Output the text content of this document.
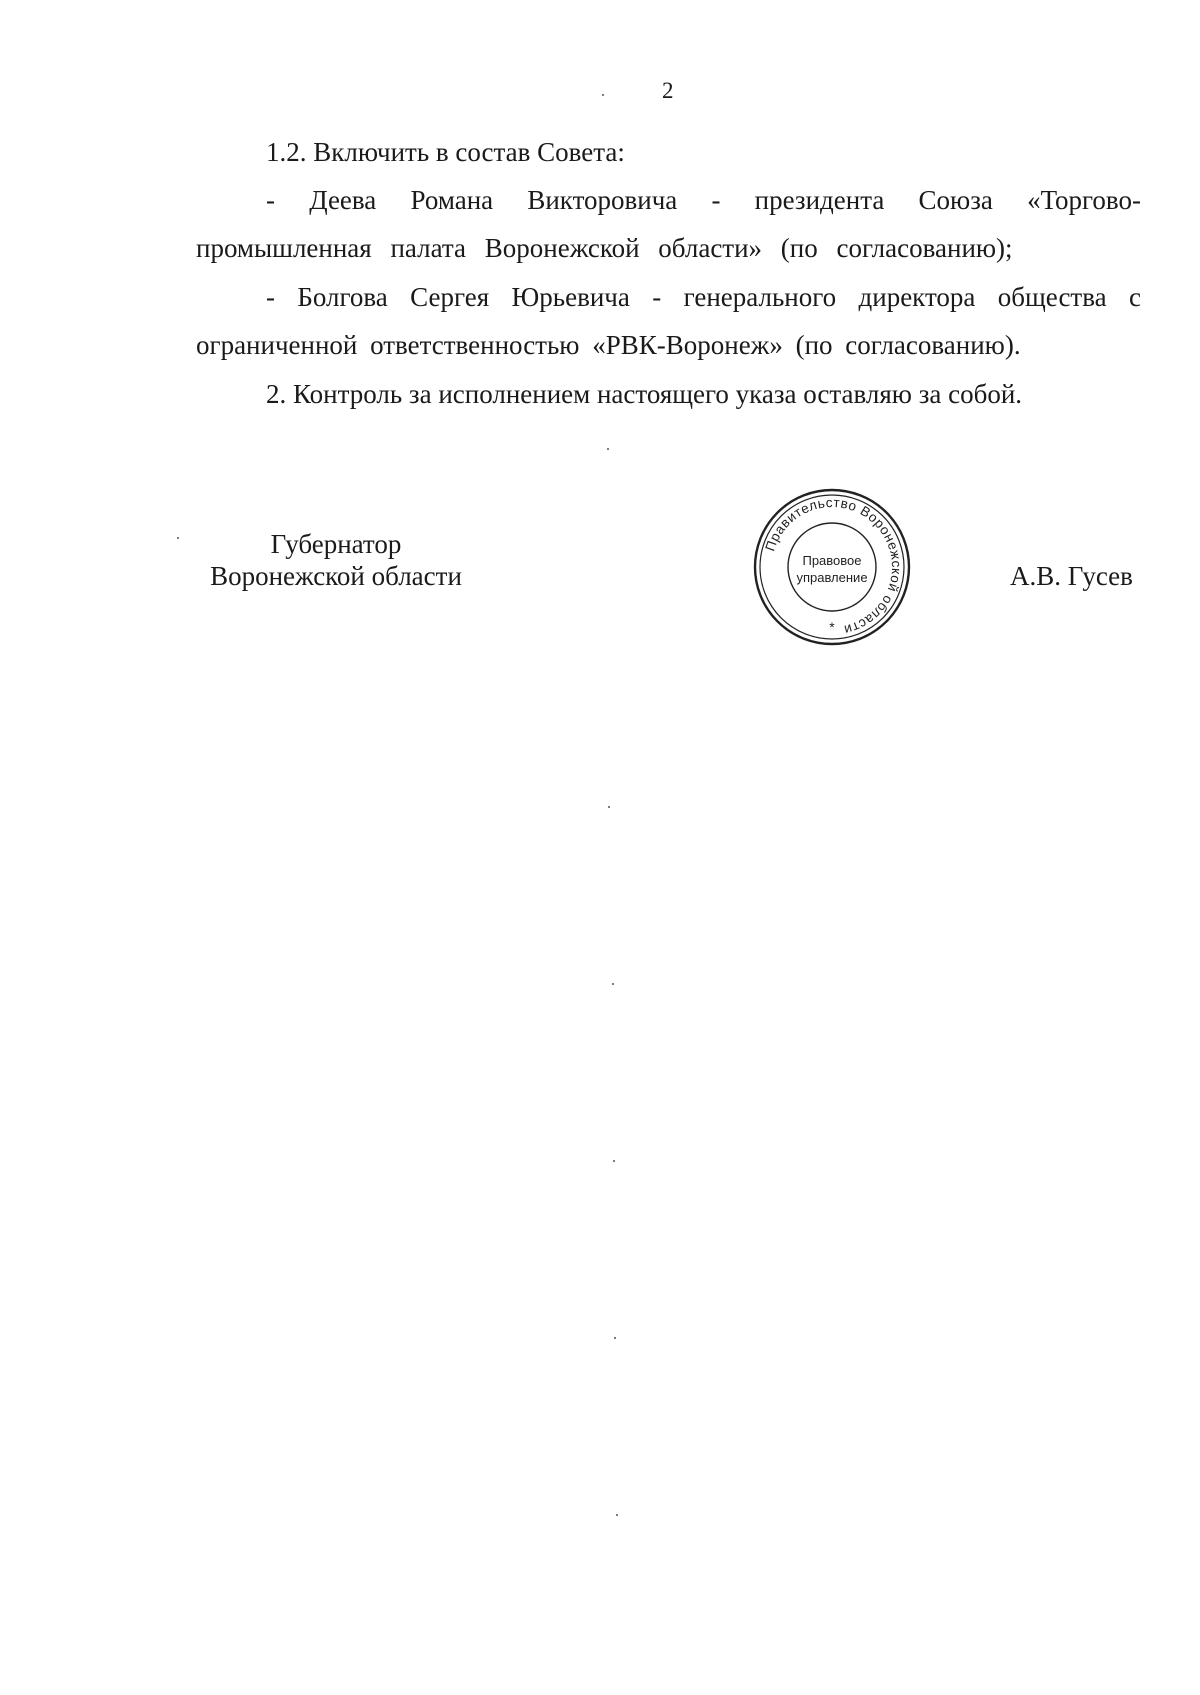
2

1.2. Включить в состав Совета:

- Деева Романа Викторовича - президента Союза «Торгово-промышленная палата Воронежской области» (по согласованию);

- Болгова Сергея Юрьевича - генерального директора общества с ограниченной ответственностью «РВК-Воронеж» (по согласованию).

2. Контроль за исполнением настоящего указа оставляю за собой.

Губернатор
Воронежской области
Правительство Воронежской области
Правовое
управление
*
А.В. Гусев
